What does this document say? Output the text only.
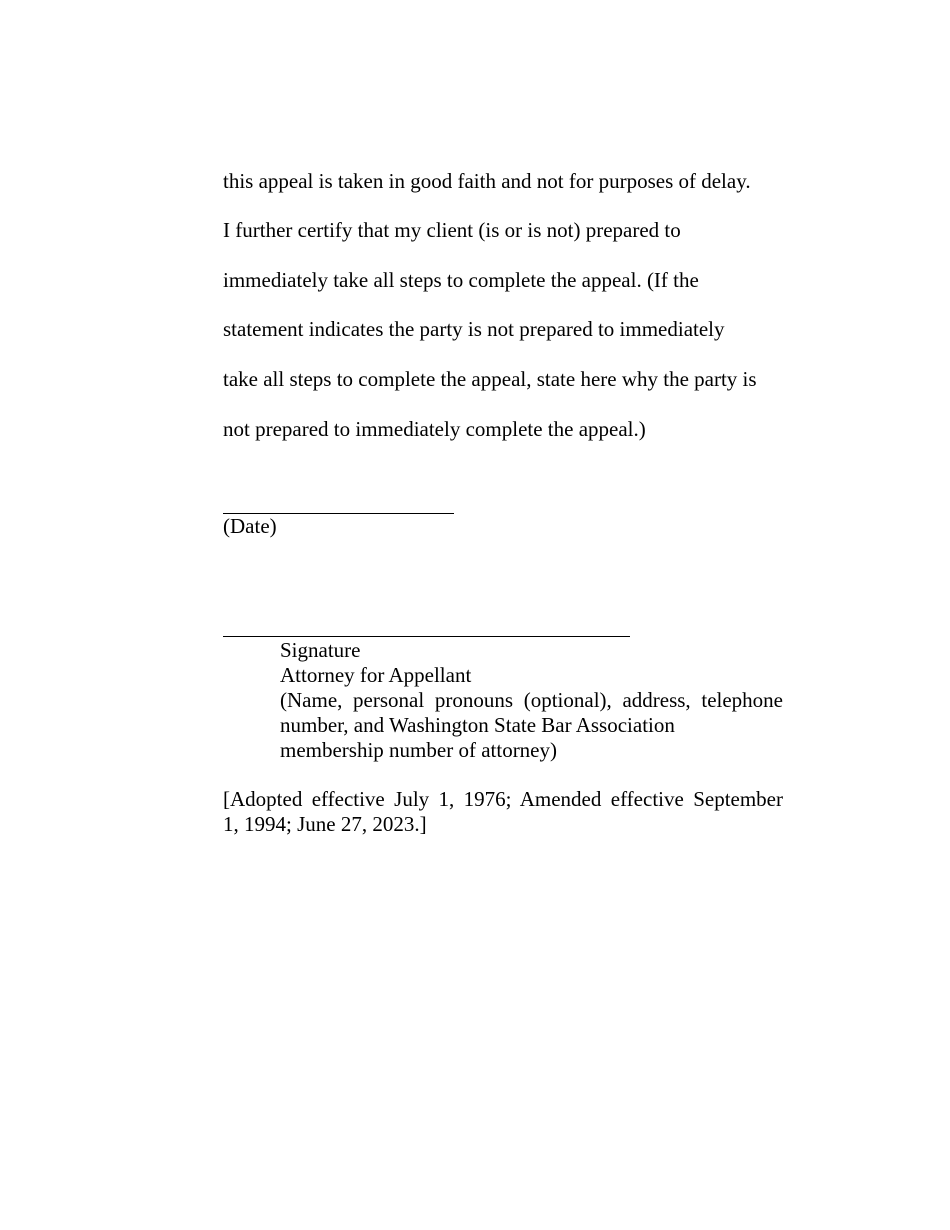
this appeal is taken in good faith and not for purposes of delay.
I further certify that my client (is or is not) prepared to
immediately take all steps to complete the appeal. (If the
statement indicates the party is not prepared to immediately
take all steps to complete the appeal, state here why the party is
not prepared to immediately complete the appeal.)
(Date)
Signature
Attorney for Appellant
(Name, personal pronouns (optional), address, telephone
number, and Washington State Bar Association
membership number of attorney)
[Adopted effective July 1, 1976; Amended effective September
1, 1994; June 27, 2023.]
